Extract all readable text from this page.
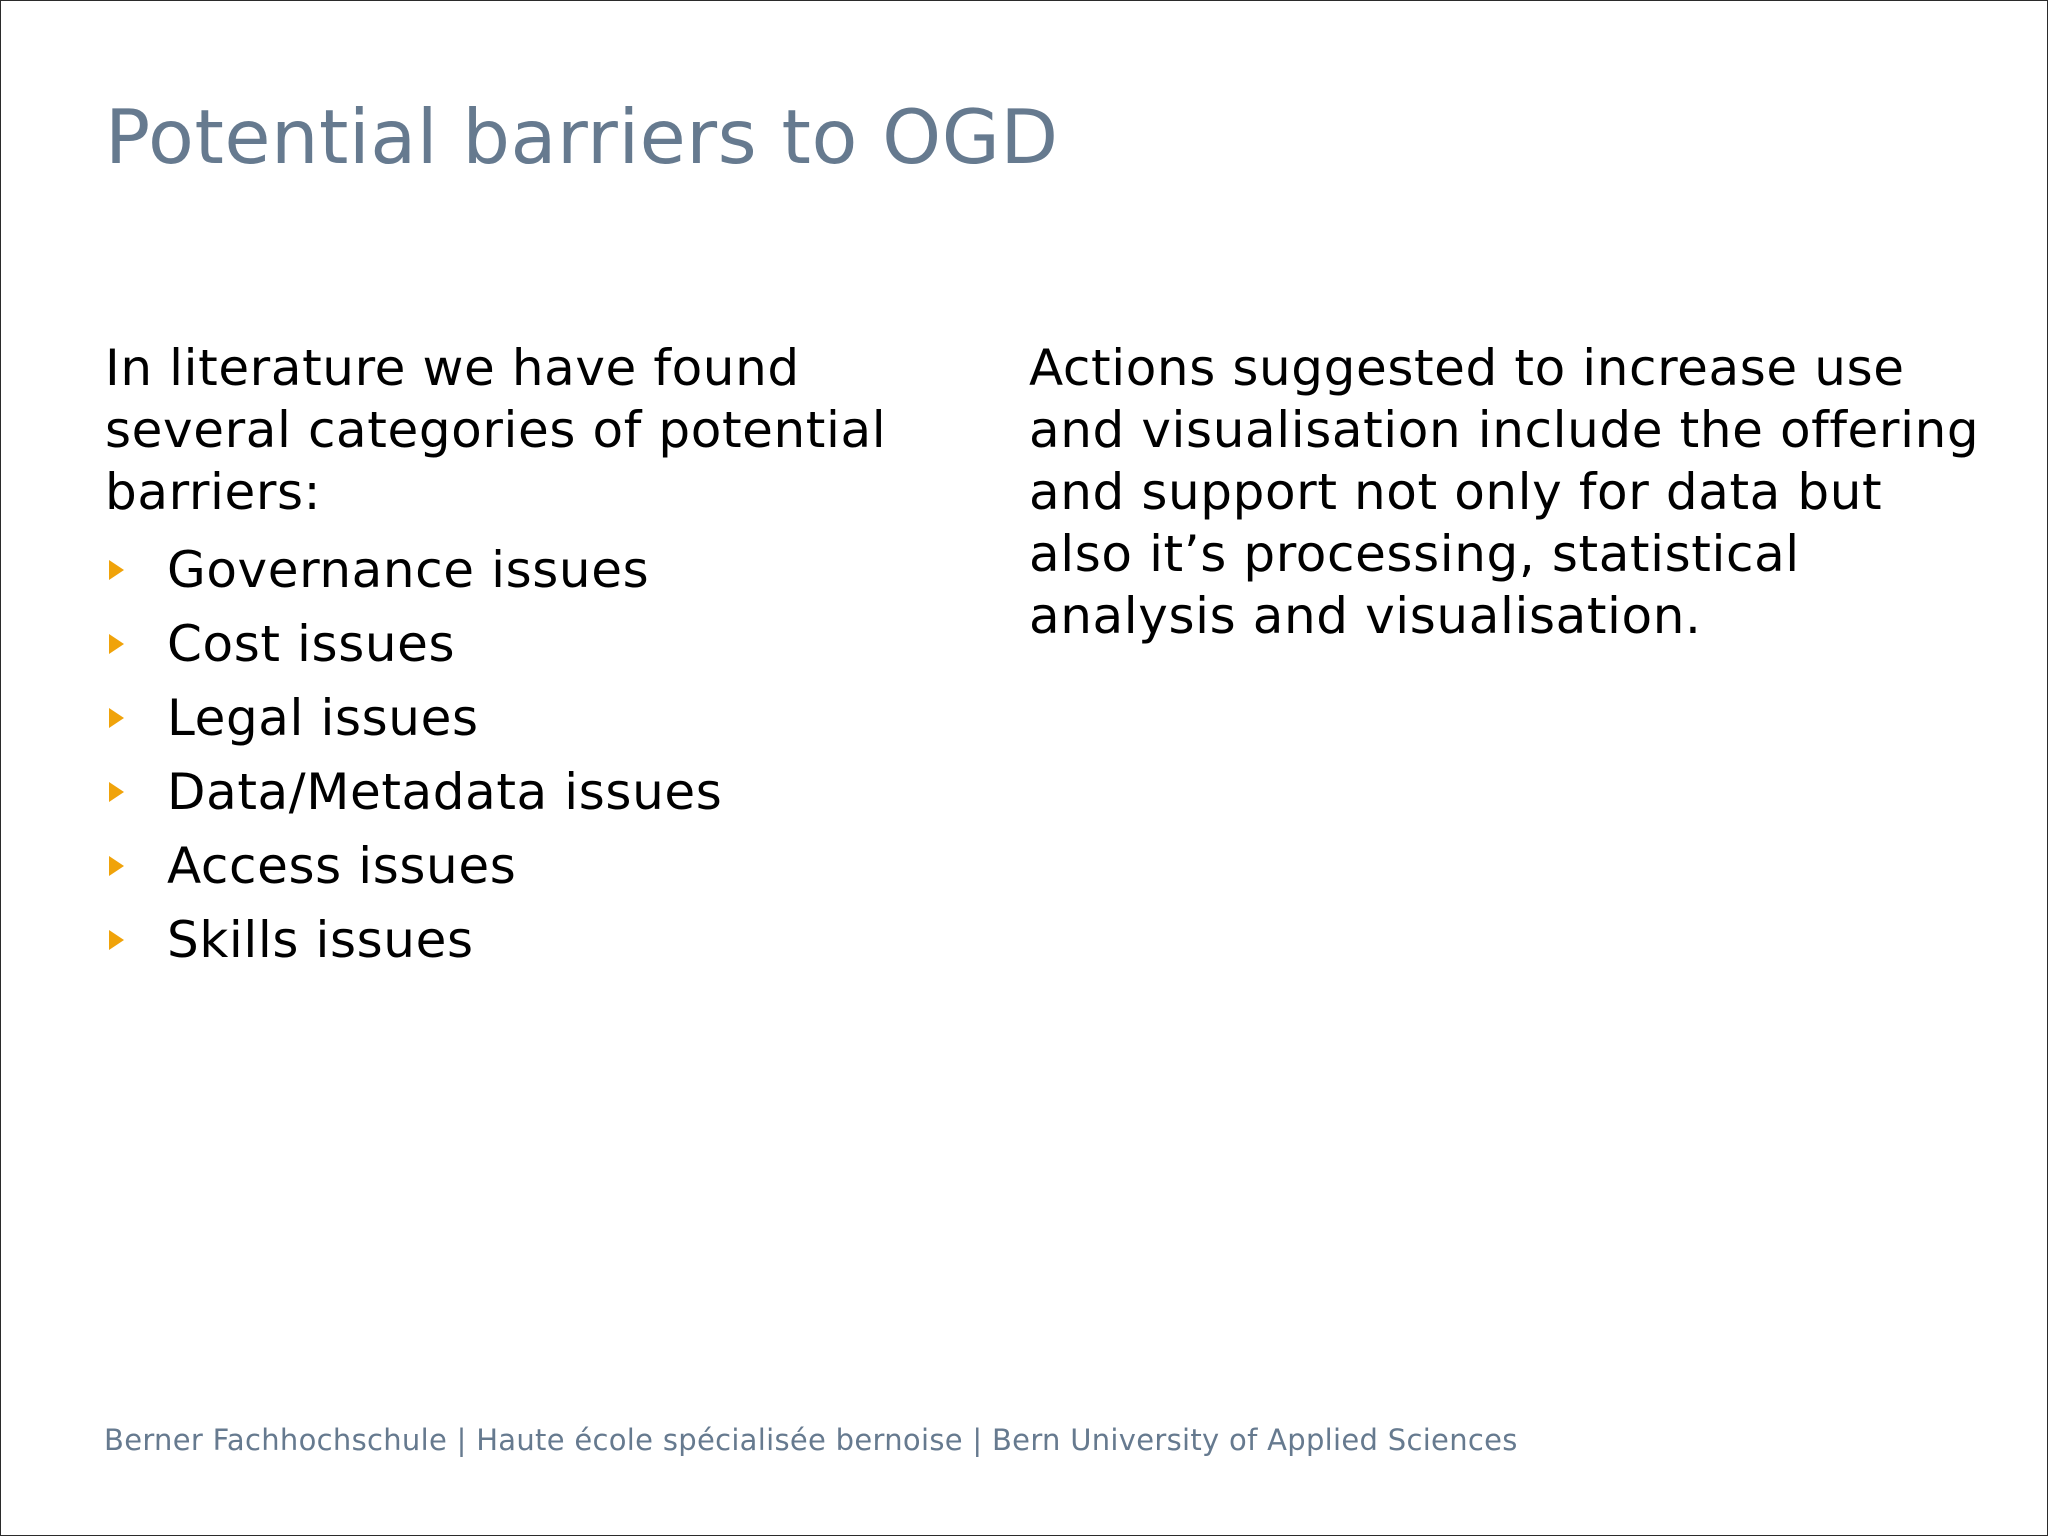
Potential barriers to OGD

In literature we have found several categories of potential barriers:

Governance issues
Cost issues
Legal issues
Data/Metadata issues
Access issues
Skills issues

Actions suggested to increase use and visualisation include the offering and support not only for data but also it’s processing, statistical analysis and visualisation.

Berner Fachhochschule | Haute école spécialisée bernoise | Bern University of Applied Sciences
